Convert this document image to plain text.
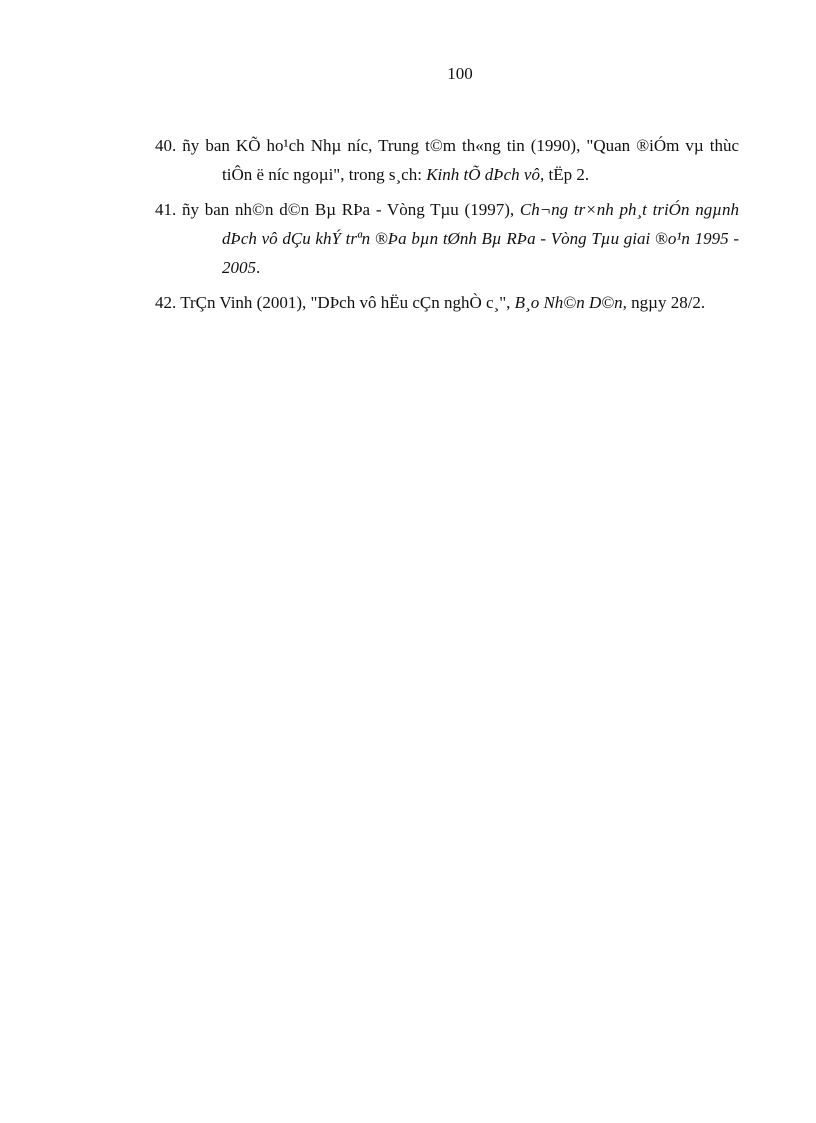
100

40. ñy ban KÕ ho¹ch Nhµ níc, Trung t©m th«ng tin (1990), "Quan ®iÓm vµ thùc tiÔn ë níc ngoµi", trong s¸ch: Kinh tÕ dÞch vô, tËp 2.

41. ñy ban nh©n d©n Bµ RÞa - Vòng Tµu (1997), Ch¬ng tr×nh ph¸t triÓn ngµnh dÞch vô dÇu khÝ trªn ®Þa bµn tØnh Bµ RÞa - Vòng Tµu giai ®o¹n 1995 - 2005.

42. TrÇn Vinh (2001), "DÞch vô hËu cÇn nghÒ c¸", B¸o Nh©n D©n, ngµy 28/2.
